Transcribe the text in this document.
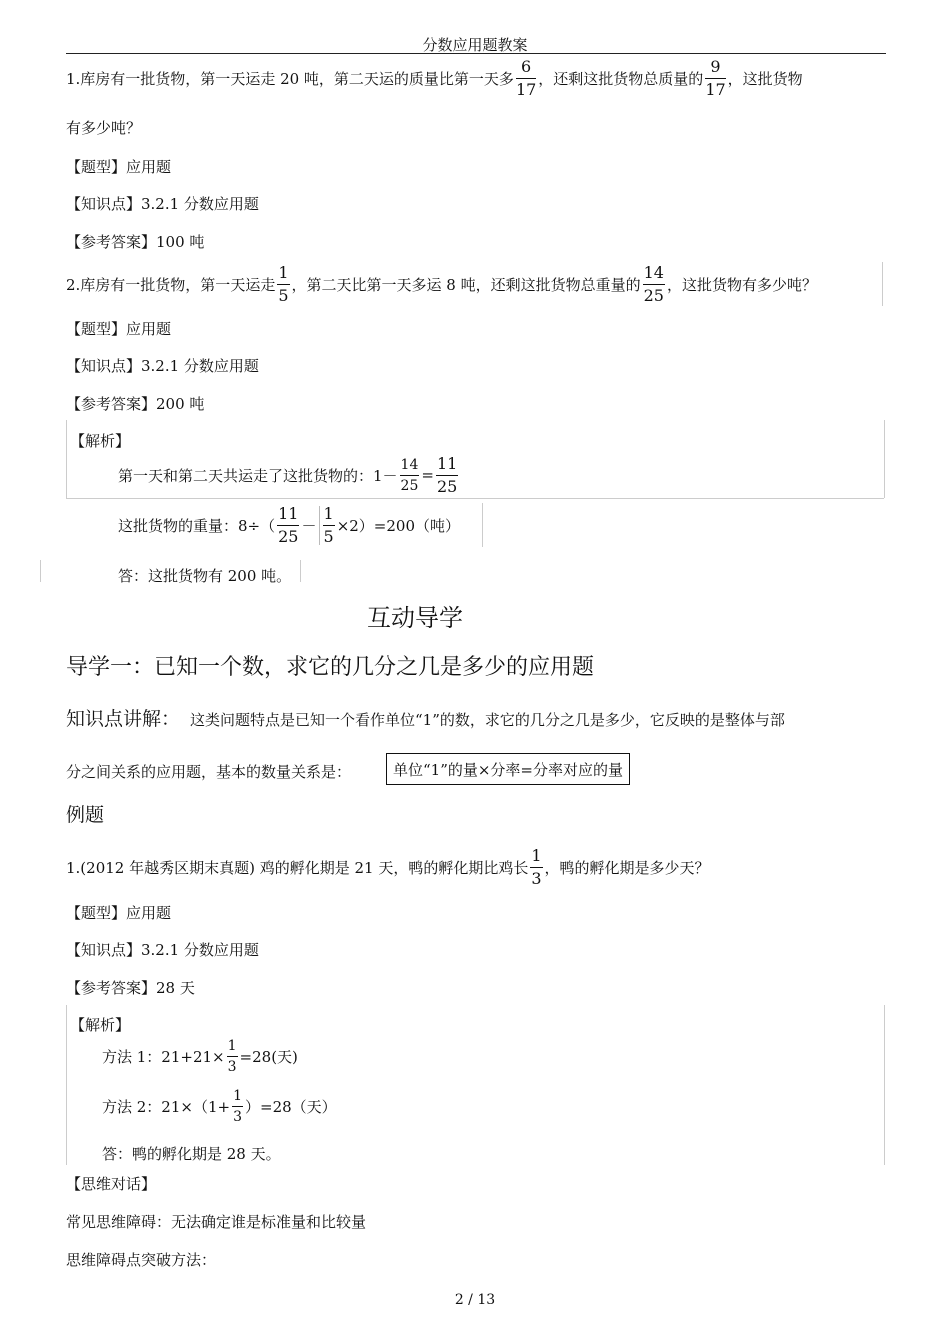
分数应用题教案
1.库房有一批货物，第一天运走 20 吨，第二天运的质量比第一天多 $\frac{6}{17}$ ，还剩这批货物总质量的 $\frac{9}{17}$ ，这批货物
有多少吨？
【题型】应用题
【知识点】3.2.1 分数应用题
【参考答案】100 吨
2.库房有一批货物，第一天运走 $\frac{1}{5}$ ，第二天比第一天多运 8 吨，还剩这批货物总重量的 $\frac{14}{25}$ ，这批货物有多少吨？
【题型】应用题
【知识点】3.2.1 分数应用题
【参考答案】200 吨
【解析】
第一天和第二天共运走了这批货物的：$1- \frac{14}{25} = \frac{11}{25}$
这批货物的重量：$8\div( \frac{11}{25} - \frac{1}{5} \times 2)=200$（吨）
答：这批货物有 200 吨。
互动导学
导学一：已知一个数，求它的几分之几是多少的应用题
知识点讲解： 这类问题特点是已知一个看作单位“1”的数，求它的几分之几是多少，它反映的是整体与部
分之间关系的应用题，基本的数量关系是：	单位“1”的量×分率=分率对应的量
例题
1.(2012 年越秀区期末真题) 鸡的孵化期是 21 天，鸭的孵化期比鸡长 $\frac{1}{3}$ ，鸭的孵化期是多少天？
【题型】应用题
【知识点】3.2.1 分数应用题
【参考答案】28 天
【解析】
方法 1：$21+21\times \frac{1}{3} =28$(天)
方法 2：$21\times(1+ \frac{1}{3} )=28$（天）
答：鸭的孵化期是 28 天。
【思维对话】
常见思维障碍：无法确定谁是标准量和比较量
思维障碍点突破方法：
2 / 13
